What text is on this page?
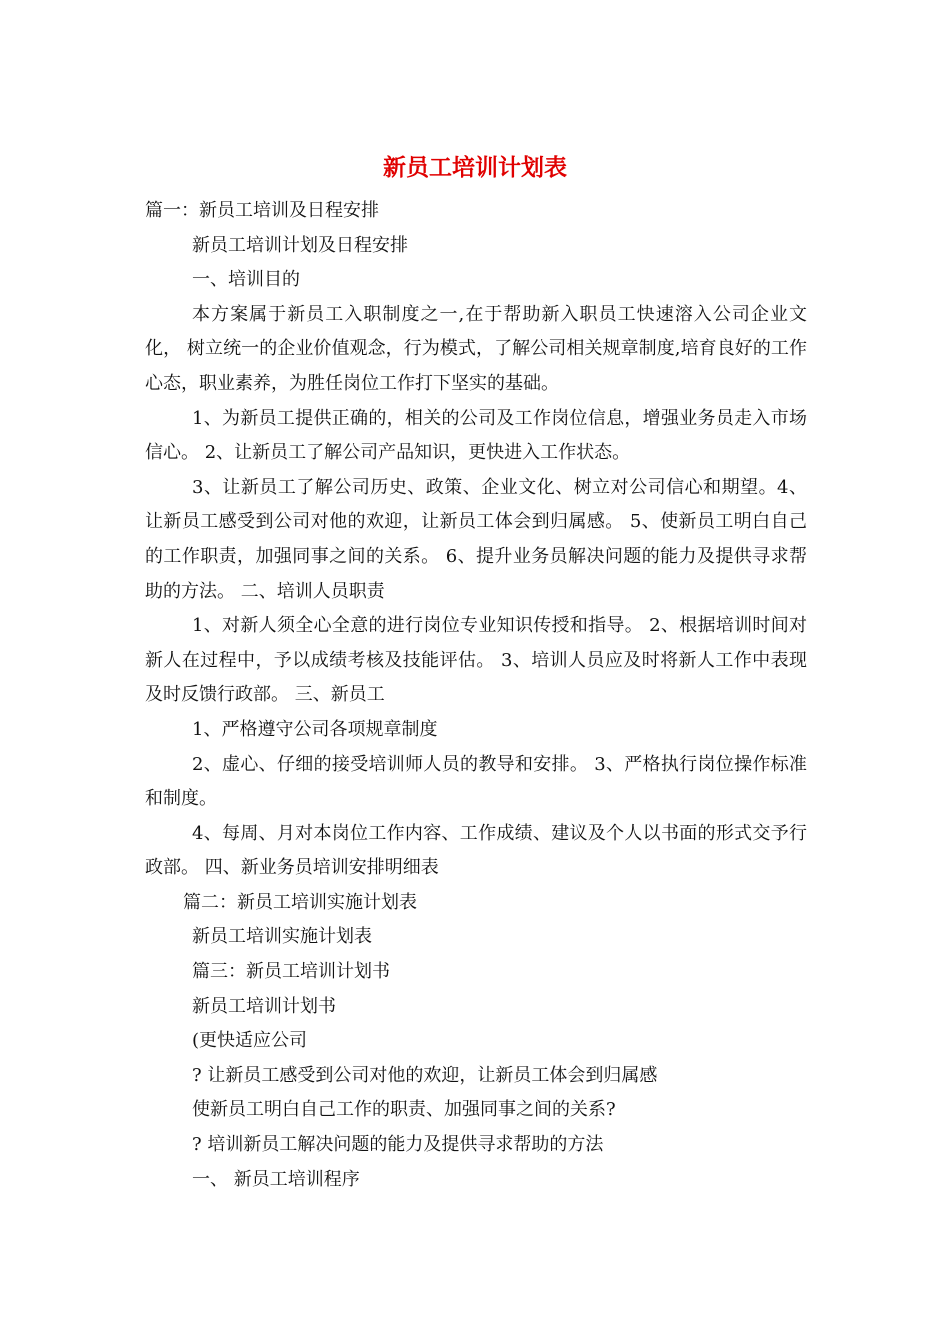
新员工培训计划表

篇一：新员工培训及日程安排

新员工培训计划及日程安排

一、培训目的

本方案属于新员工入职制度之一,在于帮助新入职员工快速溶入公司企业文化， 树立统一的企业价值观念，行为模式，了解公司相关规章制度,培育良好的工作心态，职业素养，为胜任岗位工作打下坚实的基础。

1、为新员工提供正确的，相关的公司及工作岗位信息，增强业务员走入市场信心。 2、让新员工了解公司产品知识，更快进入工作状态。

3、让新员工了解公司历史、政策、企业文化、树立对公司信心和期望。4、让新员工感受到公司对他的欢迎，让新员工体会到归属感。 5、使新员工明白自己的工作职责，加强同事之间的关系。 6、提升业务员解决问题的能力及提供寻求帮助的方法。 二、培训人员职责

1、对新人须全心全意的进行岗位专业知识传授和指导。 2、根据培训时间对新人在过程中，予以成绩考核及技能评估。 3、培训人员应及时将新人工作中表现及时反馈行政部。 三、新员工

1、严格遵守公司各项规章制度

2、虚心、仔细的接受培训师人员的教导和安排。 3、严格执行岗位操作标准和制度。

4、每周、月对本岗位工作内容、工作成绩、建议及个人以书面的形式交予行政部。 四、新业务员培训安排明细表

篇二：新员工培训实施计划表

新员工培训实施计划表

篇三：新员工培训计划书

新员工培训计划书

(更快适应公司

? 让新员工感受到公司对他的欢迎，让新员工体会到归属感

使新员工明白自己工作的职责、加强同事之间的关系?

? 培训新员工解决问题的能力及提供寻求帮助的方法

一、 新员工培训程序
